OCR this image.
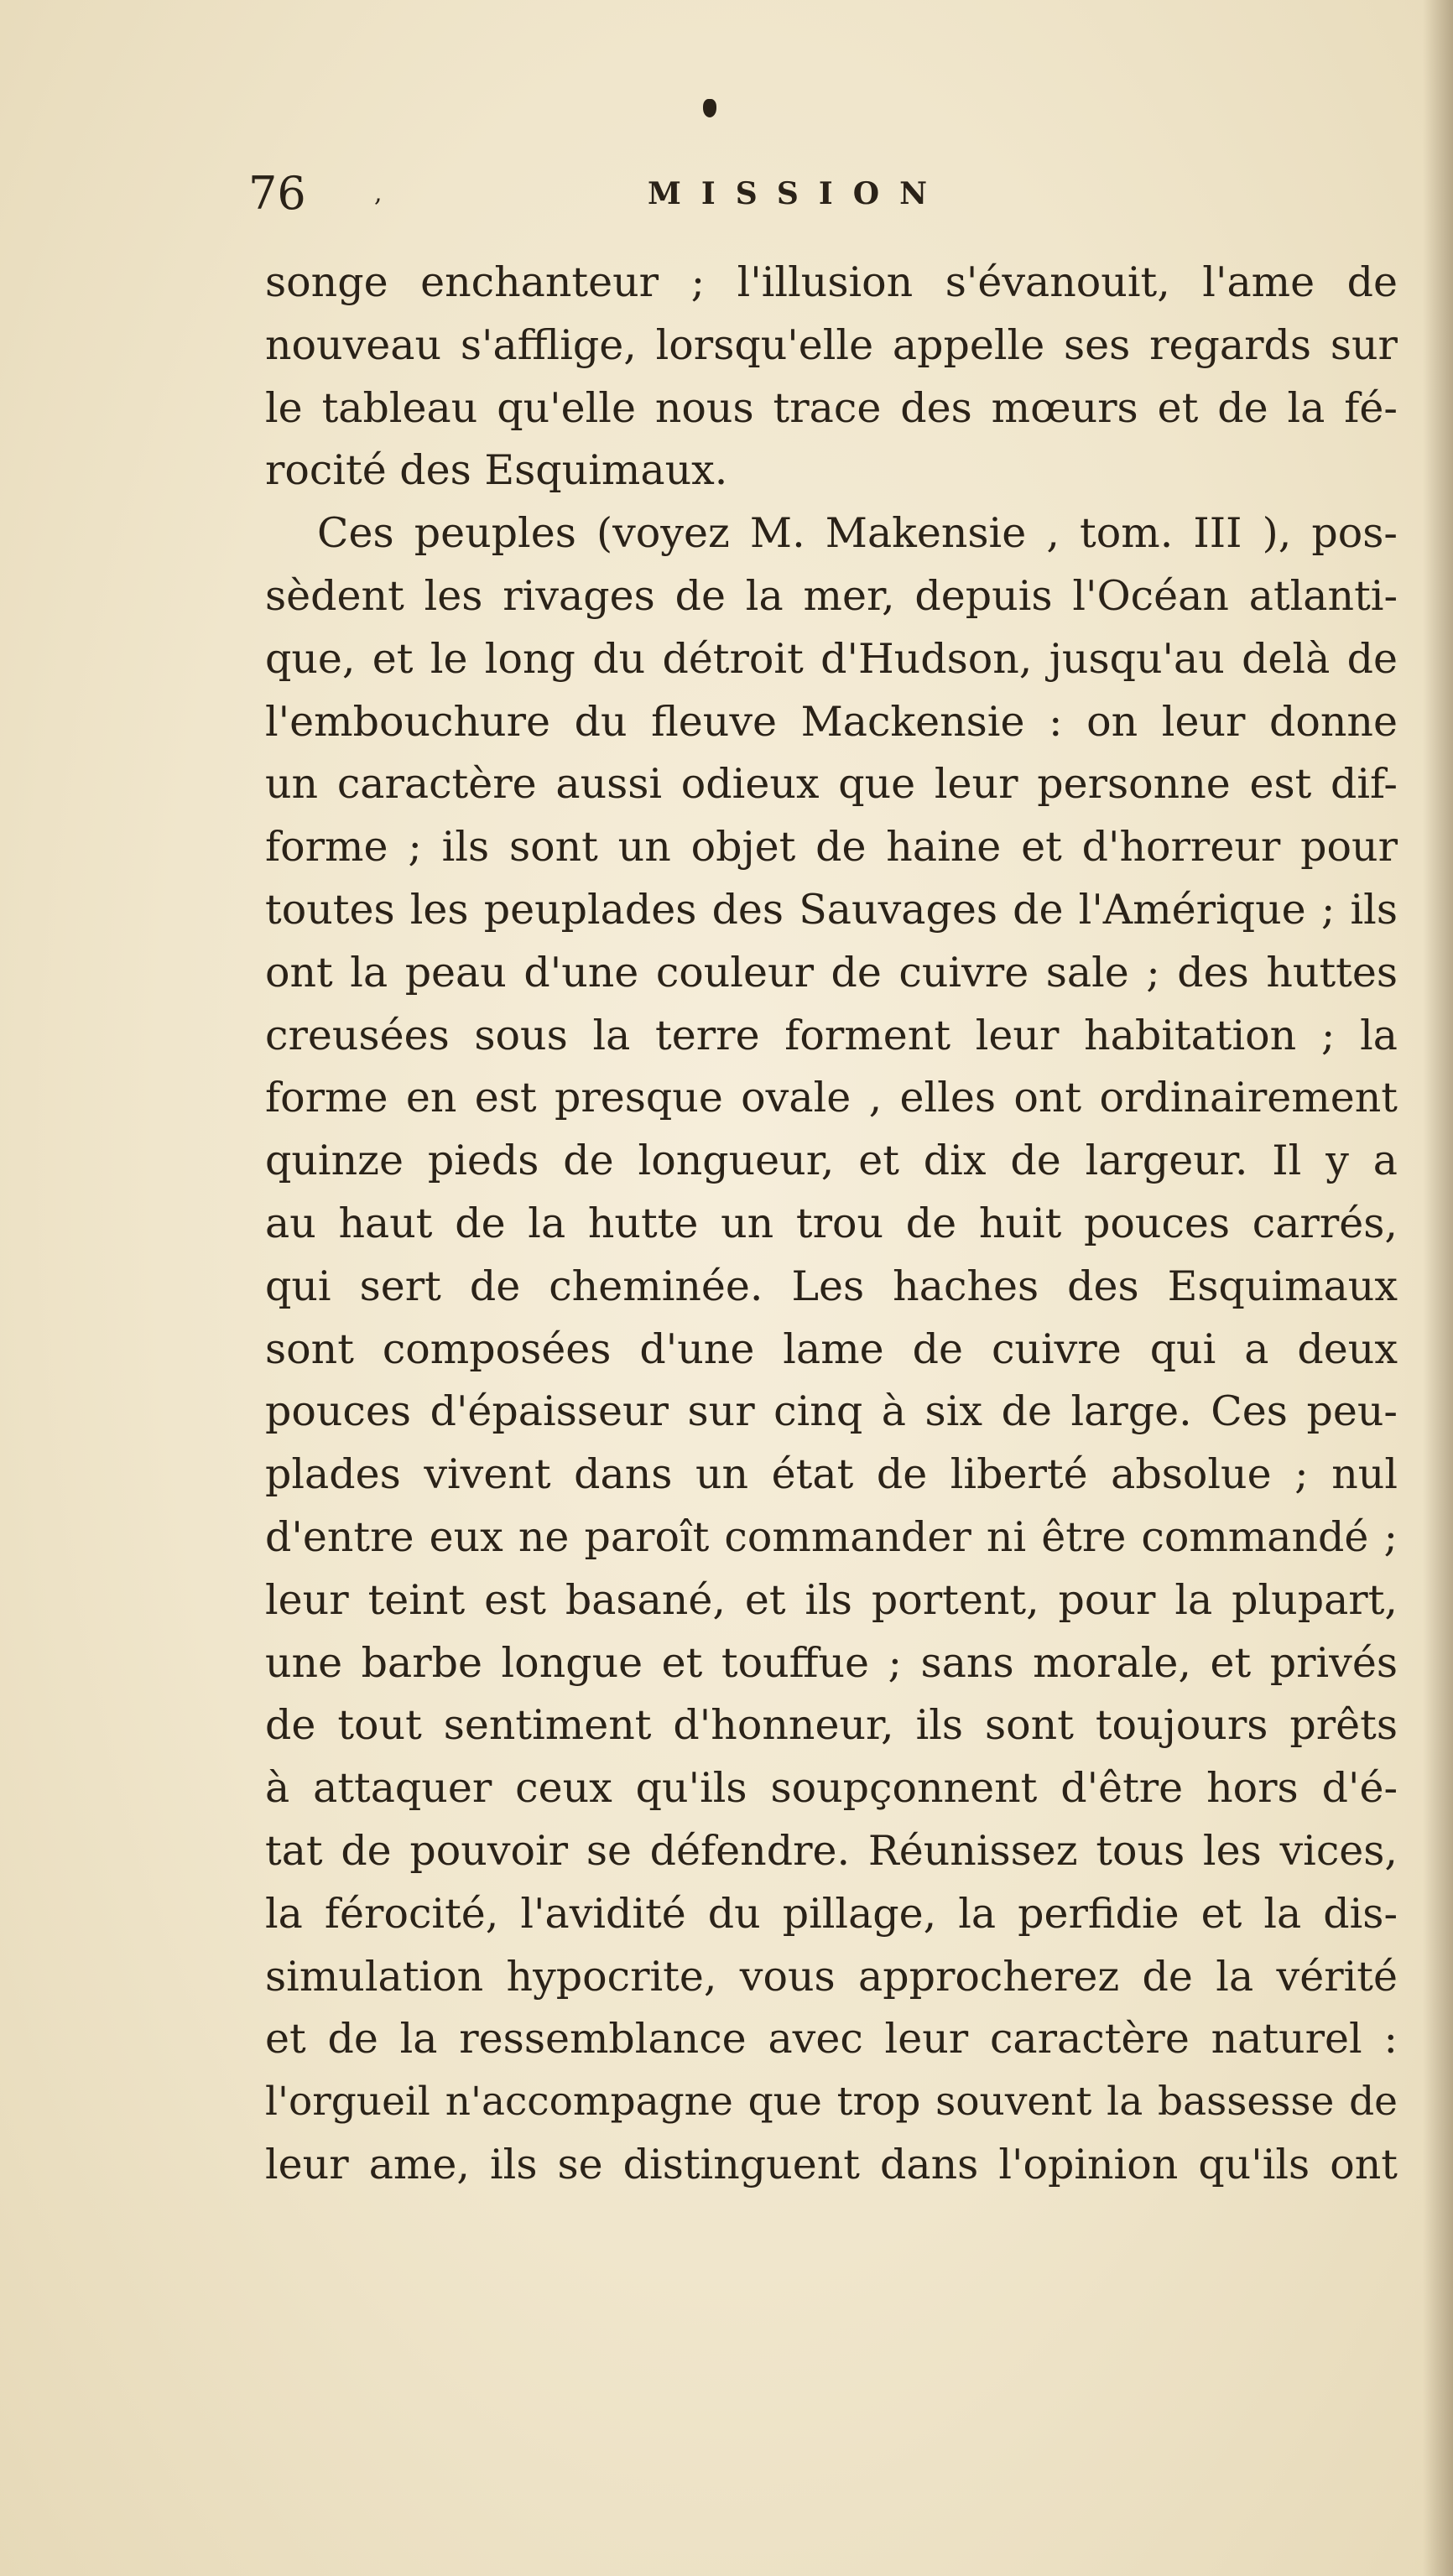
76	,	MISSION
songe enchanteur ; l'illusion s'évanouit, l'ame de
nouveau s'afflige, lorsqu'elle appelle ses regards sur
le tableau qu'elle nous trace des mœurs et de la fé-
rocité des Esquimaux.
Ces peuples (voyez M. Makensie , tom. III ), pos-
sèdent les rivages de la mer, depuis l'Océan atlanti-
que, et le long du détroit d'Hudson, jusqu'au delà de
l'embouchure du fleuve Mackensie : on leur donne
un caractère aussi odieux que leur personne est dif-
forme ; ils sont un objet de haine et d'horreur pour
toutes les peuplades des Sauvages de l'Amérique ; ils
ont la peau d'une couleur de cuivre sale ; des huttes
creusées sous la terre forment leur habitation ; la
forme en est presque ovale , elles ont ordinairement
quinze pieds de longueur, et dix de largeur. Il y a
au haut de la hutte un trou de huit pouces carrés,
qui sert de cheminée. Les haches des Esquimaux
sont composées d'une lame de cuivre qui a deux
pouces d'épaisseur sur cinq à six de large. Ces peu-
plades vivent dans un état de liberté absolue ; nul
d'entre eux ne paroît commander ni être commandé ;
leur teint est basané, et ils portent, pour la plupart,
une barbe longue et touffue ; sans morale, et privés
de tout sentiment d'honneur, ils sont toujours prêts
à attaquer ceux qu'ils soupçonnent d'être hors d'é-
tat de pouvoir se défendre. Réunissez tous les vices,
la férocité, l'avidité du pillage, la perfidie et la dis-
simulation hypocrite, vous approcherez de la vérité
et de la ressemblance avec leur caractère naturel :
l'orgueil n'accompagne que trop souvent la bassesse de
leur ame, ils se distinguent dans l'opinion qu'ils ont
